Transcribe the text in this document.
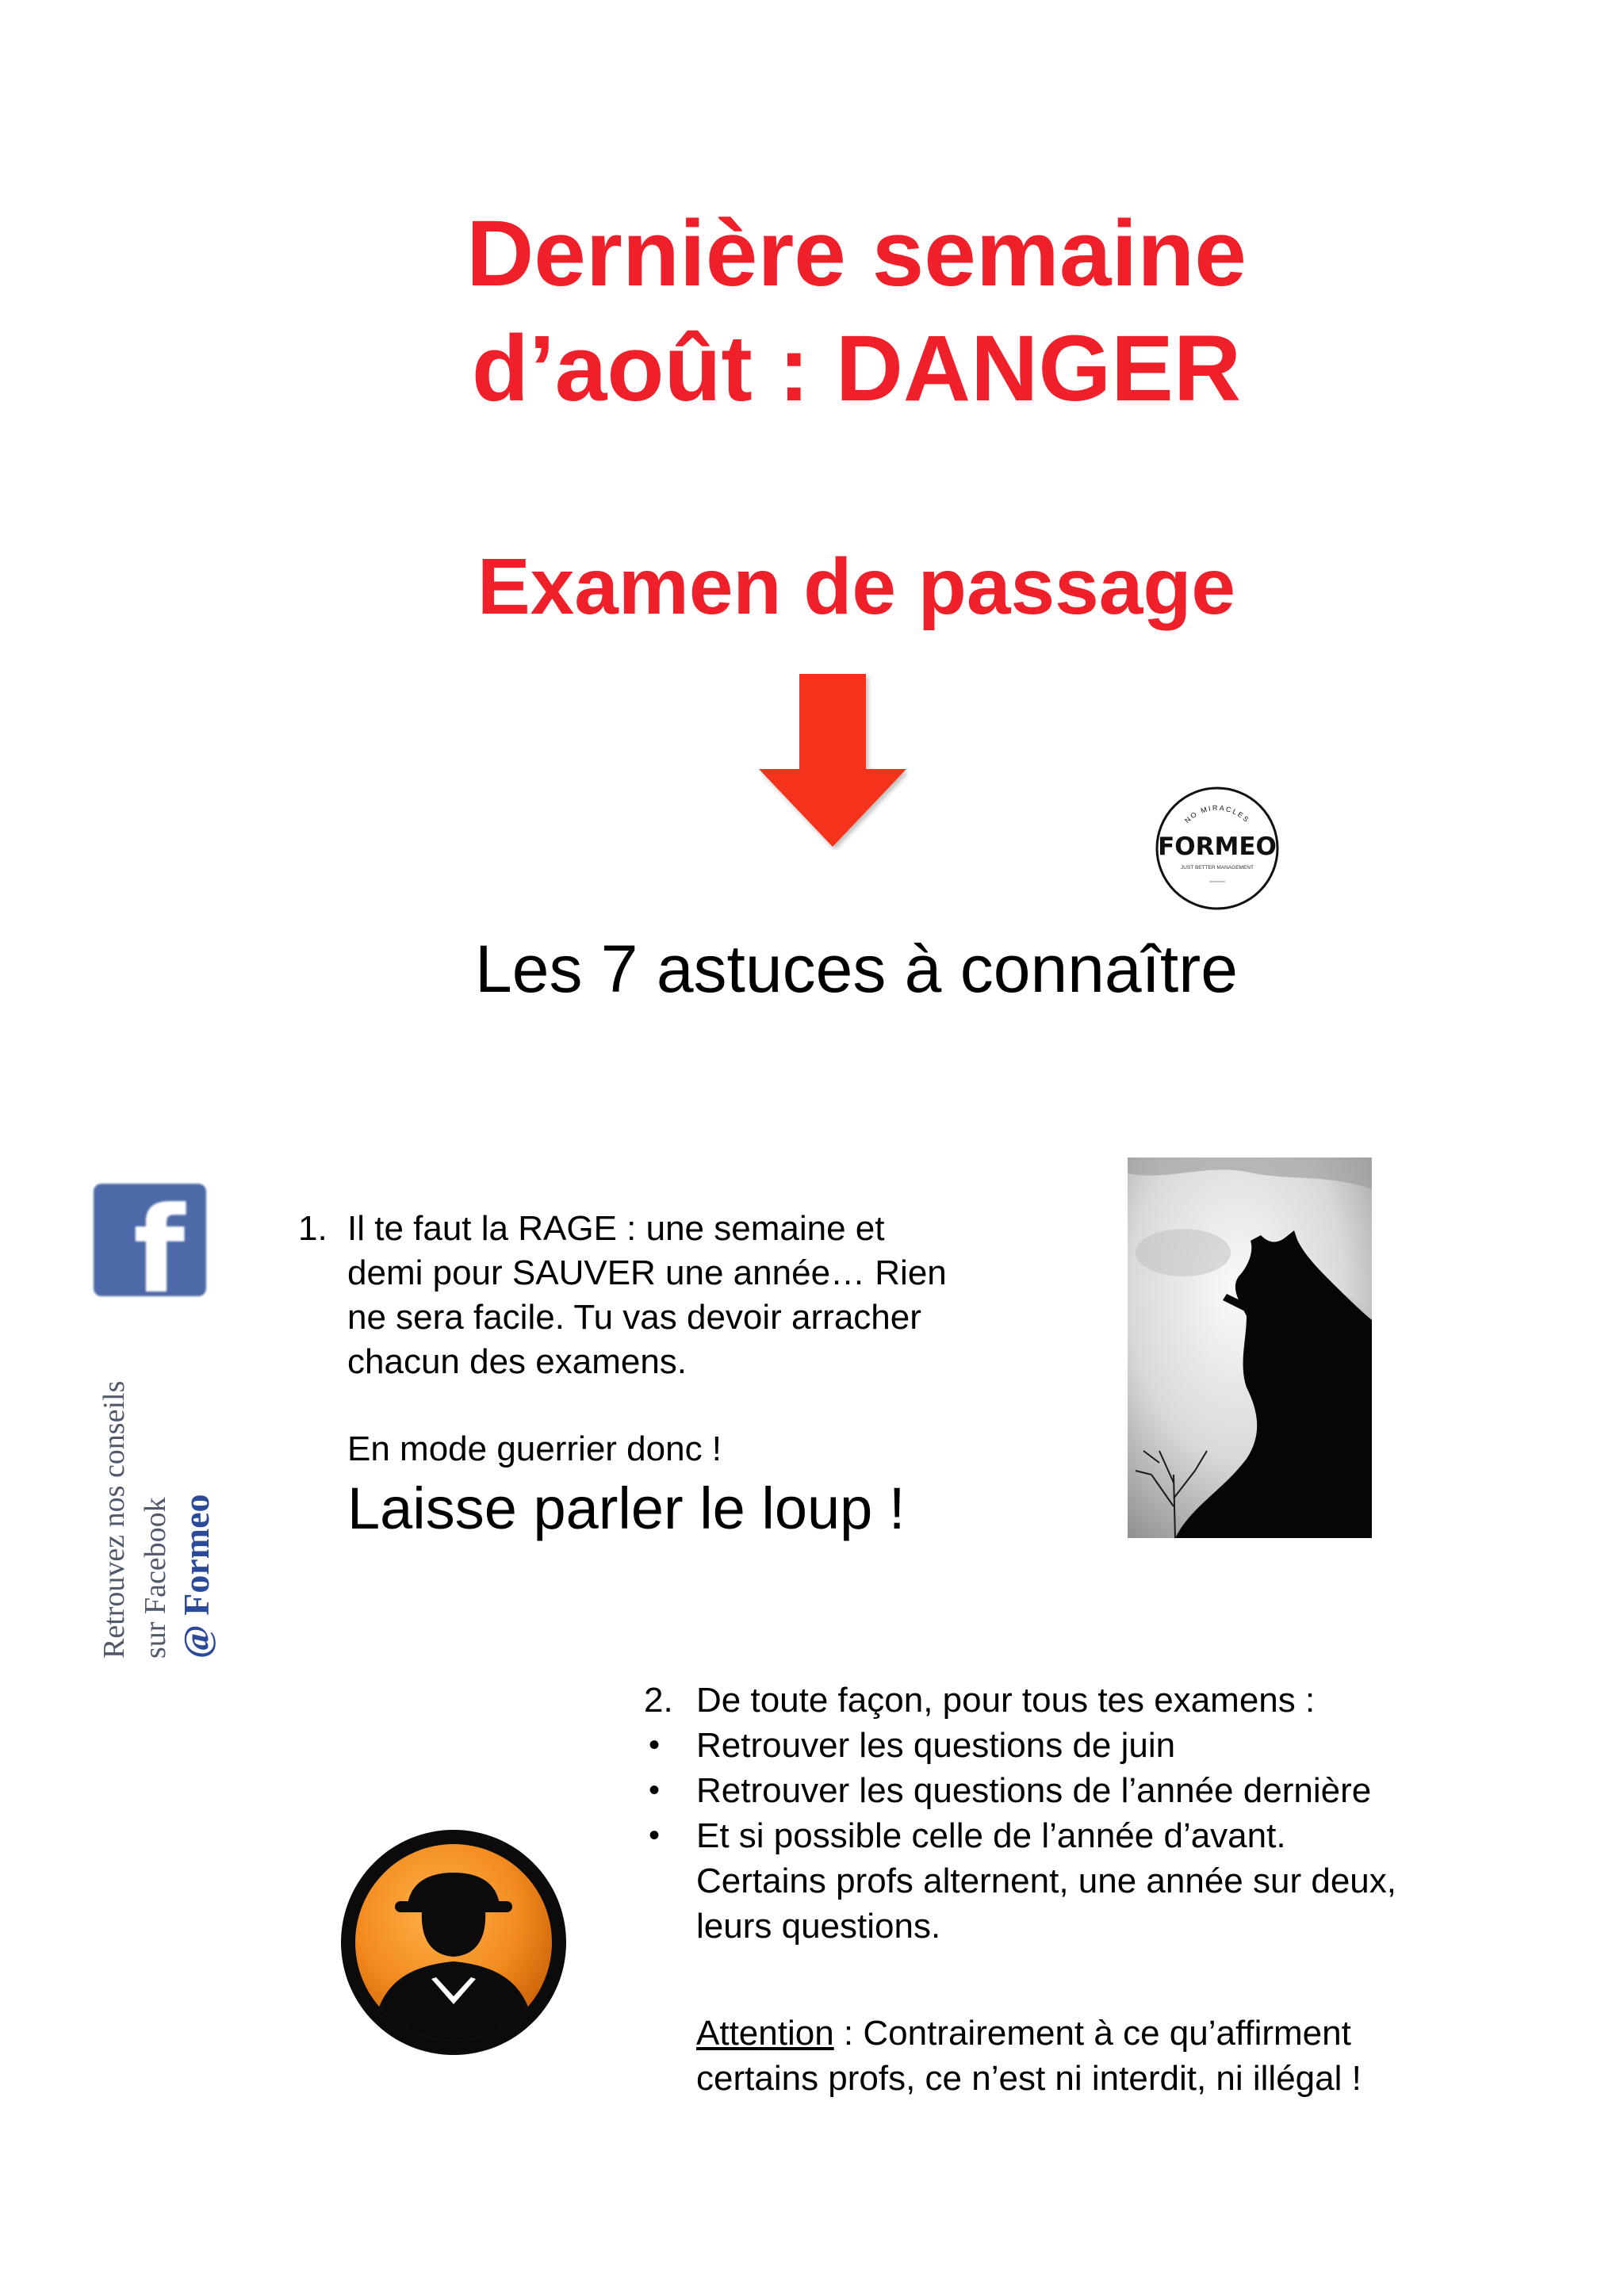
Dernière semaine
d’août : DANGER
Examen de passage
NO MIRACLES
FORMEO
JUST BETTER MANAGEMENT
Les 7 astuces à connaître
f
Retrouvez nos conseils sur Facebook @ Formeo
1. Il te faut la RAGE : une semaine et

demi pour SAUVER une année… Rien

ne sera facile. Tu vas devoir arracher

chacun des examens.

En mode guerrier donc !

Laisse parler le loup !

2. De toute façon, pour tous tes examens :
• Retrouver les questions de juin
• Retrouver les questions de l’année dernière
• Et si possible celle de l’année d’avant.
Certains profs alternent, une année sur deux,
leurs questions.
Attention : Contrairement à ce qu’affirment
certains profs, ce n’est ni interdit, ni illégal !
